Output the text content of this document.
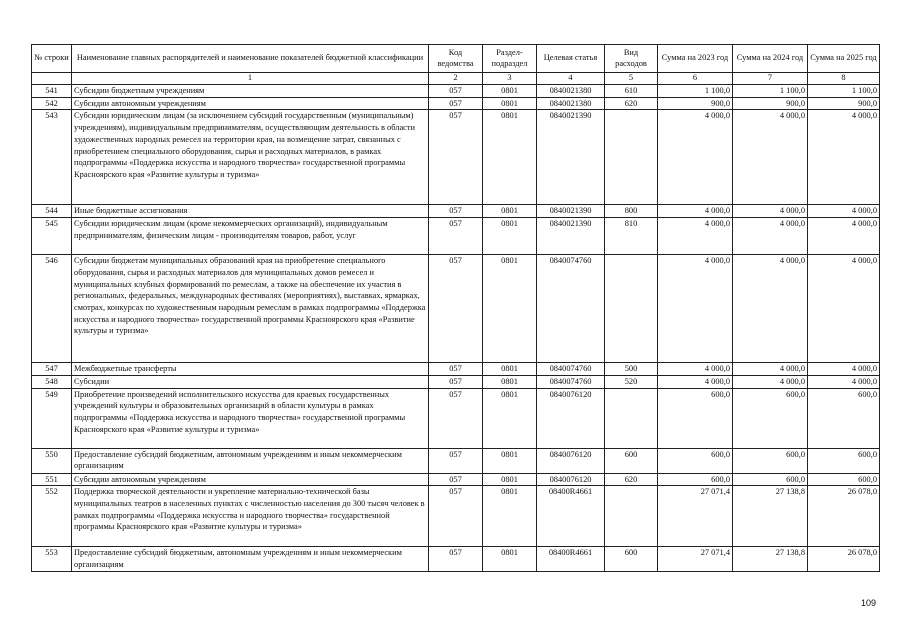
№ строки	Наименование главных распорядителей и наименование показателей бюджетной классификации	Код ведомства	Раздел-подраздел	Целевая статья	Вид расходов	Сумма на 2023 год	Сумма на 2024 год	Сумма на 2025 год
	1	2	3	4	5	6	7	8
541	Субсидии бюджетным учреждениям	057	0801	0840021380	610	1 100,0	1 100,0	1 100,0
542	Субсидии автономным учреждениям	057	0801	0840021380	620	900,0	900,0	900,0
543	Субсидии юридическим лицам (за исключением субсидий государственным (муниципальным) учреждениям), индивидуальным предпринимателям, осуществляющим деятельность в области художественных народных ремесел на территории края, на возмещение затрат, связанных с приобретением специального оборудования, сырья и расходных материалов, в рамках подпрограммы «Поддержка искусства и народного творчества» государственной программы Красноярского края «Развитие культуры и туризма»	057	0801	0840021390		4 000,0	4 000,0	4 000,0
544	Иные бюджетные ассигнования	057	0801	0840021390	800	4 000,0	4 000,0	4 000,0
545	Субсидии юридическим лицам (кроме некоммерческих организаций), индивидуальным предпринимателям, физическим лицам - производителям товаров, работ, услуг	057	0801	0840021390	810	4 000,0	4 000,0	4 000,0
546	Субсидии бюджетам муниципальных образований края на приобретение специального оборудования, сырья и расходных материалов для муниципальных домов ремесел и муниципальных клубных формирований по ремеслам, а также на обеспечение их участия в региональных, федеральных, международных фестивалях (мероприятиях), выставках, ярмарках, смотрах, конкурсах по художественным народным ремеслам в рамках подпрограммы «Поддержка искусства и народного творчества» государственной программы Красноярского края «Развитие культуры и туризма»	057	0801	0840074760		4 000,0	4 000,0	4 000,0
547	Межбюджетные трансферты	057	0801	0840074760	500	4 000,0	4 000,0	4 000,0
548	Субсидии	057	0801	0840074760	520	4 000,0	4 000,0	4 000,0
549	Приобретение произведений исполнительского искусства для краевых государственных учреждений культуры и образовательных организаций в области культуры в рамках подпрограммы «Поддержка искусства и народного творчества» государственной программы Красноярского края «Развитие культуры и туризма»	057	0801	0840076120		600,0	600,0	600,0
550	Предоставление субсидий бюджетным, автономным учреждениям и иным некоммерческим организациям	057	0801	0840076120	600	600,0	600,0	600,0
551	Субсидии автономным учреждениям	057	0801	0840076120	620	600,0	600,0	600,0
552	Поддержка творческой деятельности и укрепление материально-технической базы муниципальных театров в населенных пунктах с численностью населения до 300 тысяч человек в рамках подпрограммы «Поддержка искусства и народного творчества» государственной программы Красноярского края «Развитие культуры и туризма»	057	0801	08400R4661		27 071,4	27 138,8	26 078,0
553	Предоставление субсидий бюджетным, автономным учреждениям и иным некоммерческим организациям	057	0801	08400R4661	600	27 071,4	27 138,8	26 078,0
109
